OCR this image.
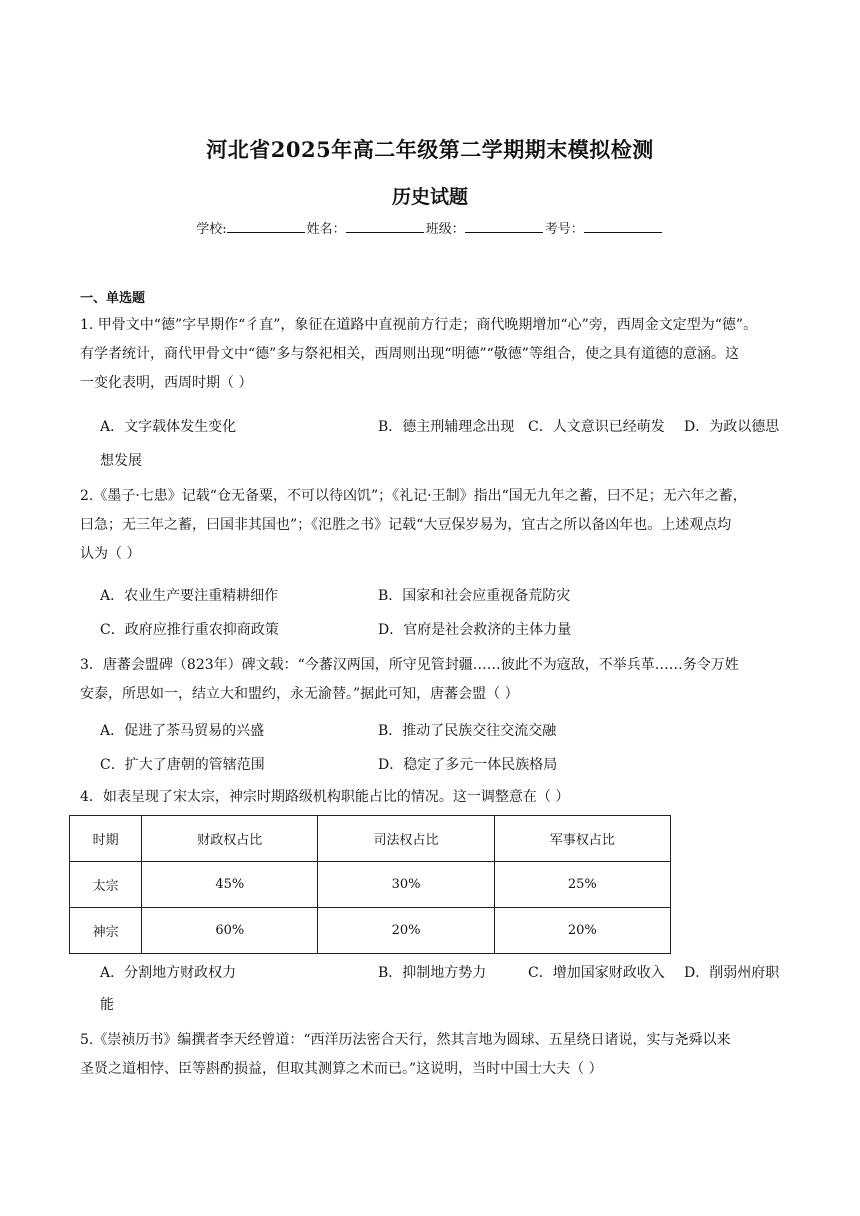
河北省2025年高二年级第二学期期末模拟检测
历史试题
学校:	姓名：	班级：	考号：
一、单选题
1. 甲骨文中“德”字早期作“彳直”，象征在道路中直视前方行走；商代晚期增加“心”旁，西周金文定型为“德”。
有学者统计，商代甲骨文中“德”多与祭祀相关，西周则出现“明德”“敬德”等组合，使之具有道德的意涵。这
一变化表明，西周时期（ ）
A．文字载体发生变化	B．德主刑辅理念出现 C．人文意识已经萌发 D．为政以德思
想发展
2.《墨子·七患》记载“仓无备粟，不可以待凶饥”；《礼记·王制》指出“国无九年之蓄，曰不足；无六年之蓄，
曰急；无三年之蓄，曰国非其国也”；《氾胜之书》记载“大豆保岁易为，宜古之所以备凶年也。上述观点均
认为（ ）
A．农业生产要注重精耕细作	B．国家和社会应重视备荒防灾
C．政府应推行重农抑商政策	D．官府是社会救济的主体力量
3．唐蕃会盟碑（823年）碑文载：“今蕃汉两国，所守见管封疆……彼此不为寇敌，不举兵革……务令万姓
安泰，所思如一，结立大和盟约，永无渝替。”据此可知，唐蕃会盟（ ）
A．促进了茶马贸易的兴盛	B．推动了民族交往交流交融
C．扩大了唐朝的管辖范围	D．稳定了多元一体民族格局
4．如表呈现了宋太宗，神宗时期路级机构职能占比的情况。这一调整意在（ ）
时期	财政权占比	司法权占比	军事权占比
太宗	45%	30%	25%
神宗	60%	20%	20%
A．分割地方财政权力	B．抑制地方势力	C．增加国家财政收入 D．削弱州府职
能
5.《崇祯历书》编撰者李天经曾道：“西洋历法密合天行，然其言地为圆球、五星绕日诸说，实与尧舜以来
圣贤之道相悖、臣等斟酌损益，但取其测算之术而已。”这说明，当时中国士大夫（ ）
